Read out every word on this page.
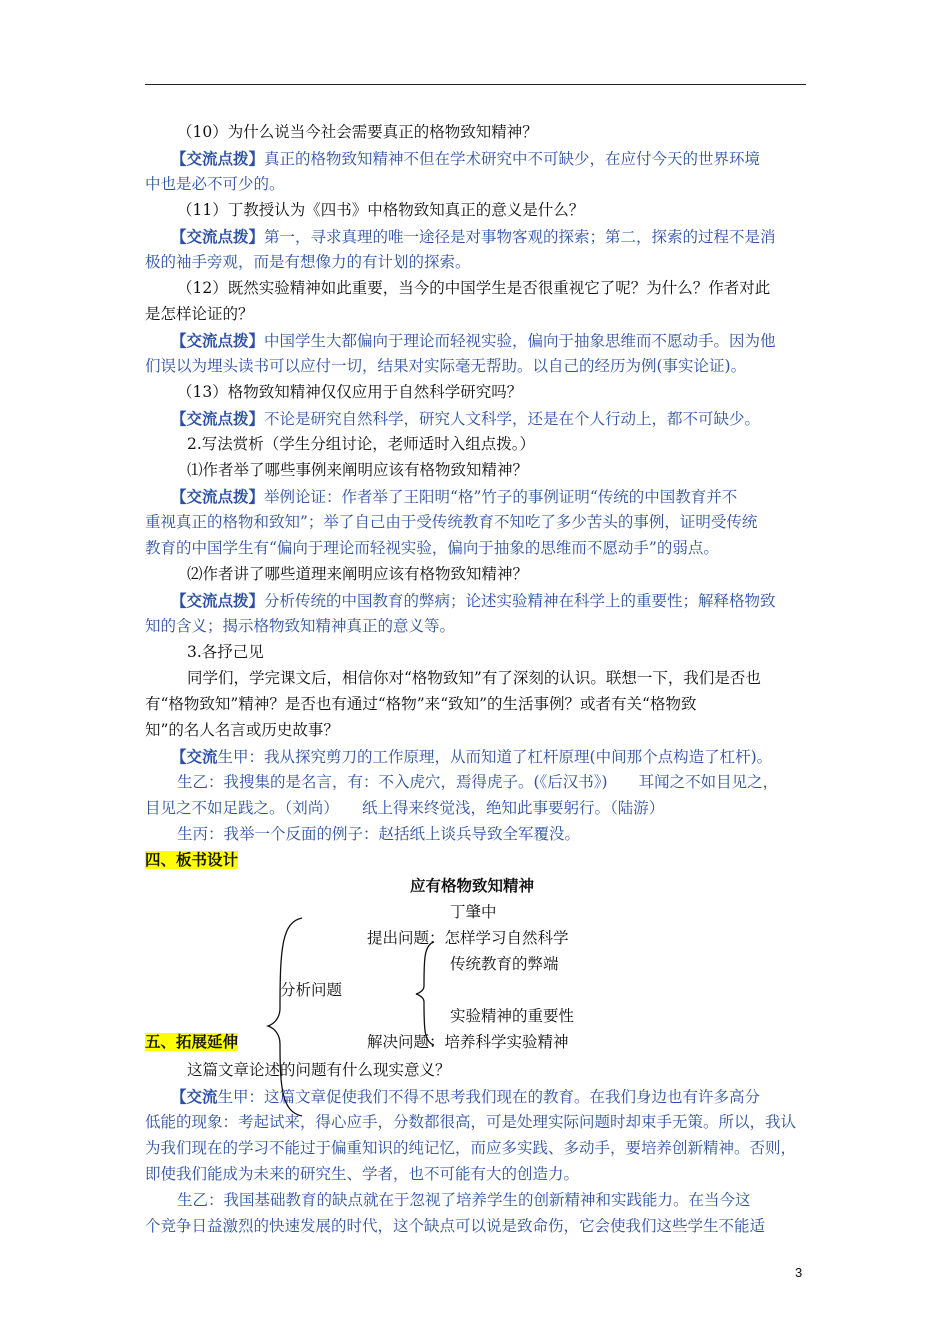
（10）为什么说当今社会需要真正的格物致知精神？
【交流点拨】真正的格物致知精神不但在学术研究中不可缺少，在应付今天的世界环境
中也是必不可少的。
（11）丁教授认为《四书》中格物致知真正的意义是什么？
【交流点拨】第一，寻求真理的唯一途径是对事物客观的探索；第二，探索的过程不是消
极的袖手旁观，而是有想像力的有计划的探索。
（12）既然实验精神如此重要，当今的中国学生是否很重视它了呢？为什么？作者对此
是怎样论证的？
【交流点拨】中国学生大都偏向于理论而轻视实验，偏向于抽象思维而不愿动手。因为他
们误以为埋头读书可以应付一切，结果对实际毫无帮助。以自己的经历为例(事实论证)。
（13）格物致知精神仅仅应用于自然科学研究吗？
【交流点拨】不论是研究自然科学，研究人文科学，还是在个人行动上，都不可缺少。
2.写法赏析（学生分组讨论，老师适时入组点拨。）
⑴作者举了哪些事例来阐明应该有格物致知精神？
【交流点拨】举例论证：作者举了王阳明“格”竹子的事例证明“传统的中国教育并不
重视真正的格物和致知”；举了自己由于受传统教育不知吃了多少苦头的事例，证明受传统
教育的中国学生有“偏向于理论而轻视实验，偏向于抽象的思维而不愿动手”的弱点。
⑵作者讲了哪些道理来阐明应该有格物致知精神？
【交流点拨】分析传统的中国教育的弊病；论述实验精神在科学上的重要性；解释格物致
知的含义；揭示格物致知精神真正的意义等。
3.各抒己见
同学们，学完课文后，相信你对“格物致知”有了深刻的认识。联想一下，我们是否也
有“格物致知”精神？是否也有通过“格物”来“致知”的生活事例？或者有关“格物致
知”的名人名言或历史故事？
【交流生甲：我从探究剪刀的工作原理，从而知道了杠杆原理(中间那个点构造了杠杆)。
生乙：我搜集的是名言，有：不入虎穴，焉得虎子。(《后汉书》)　　耳闻之不如目见之，
目见之不如足践之。（刘尚）　　纸上得来终觉浅，绝知此事要躬行。（陆游）
生丙：我举一个反面的例子：赵括纸上谈兵导致全军覆没。
四、板书设计
应有格物致知精神
丁肇中
提出问题：怎样学习自然科学
传统教育的弊端
分析问题
实验精神的重要性
解决问题：培养科学实验精神
五、拓展延伸
这篇文章论述的问题有什么现实意义？
【交流生甲：这篇文章促使我们不得不思考我们现在的教育。在我们身边也有许多高分
低能的现象：考起试来，得心应手，分数都很高，可是处理实际问题时却束手无策。所以，我认
为我们现在的学习不能过于偏重知识的纯记忆，而应多实践、多动手，要培养创新精神。否则，
即使我们能成为未来的研究生、学者，也不可能有大的创造力。
生乙：我国基础教育的缺点就在于忽视了培养学生的创新精神和实践能力。在当今这
个竞争日益激烈的快速发展的时代，这个缺点可以说是致命伤，它会使我们这些学生不能适
3
